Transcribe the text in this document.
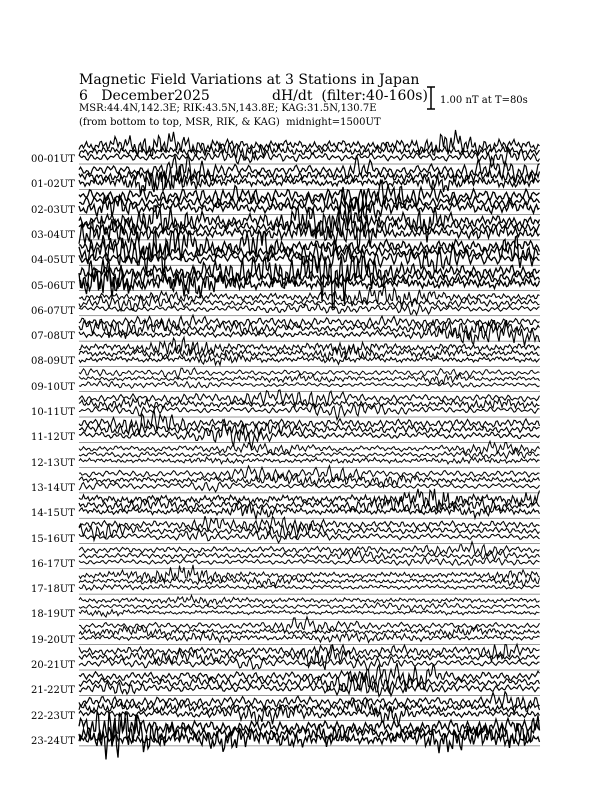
Magnetic Field Variations at 3 Stations in Japan
6 December2025	dH/dt (filter:40-160s)
MSR:44.4N,142.3E; RIK:43.5N,143.8E; KAG:31.5N,130.7E
(from bottom to top, MSR, RIK, & KAG) midnight=1500UT
1.00 nT at T=80s
00-01UT
01-02UT
02-03UT
03-04UT
04-05UT
05-06UT
06-07UT
07-08UT
08-09UT
09-10UT
10-11UT
11-12UT
12-13UT
13-14UT
14-15UT
15-16UT
16-17UT
17-18UT
18-19UT
19-20UT
20-21UT
21-22UT
22-23UT
23-24UT
